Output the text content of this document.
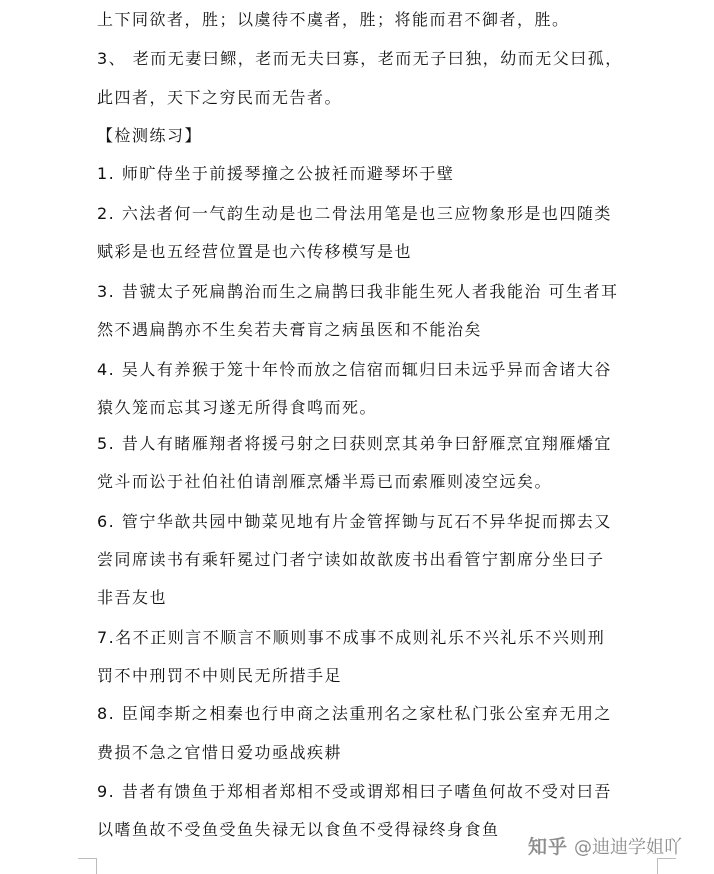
上下同欲者，胜；以虞待不虞者，胜；将能而君不御者，胜。
3、 老而无妻曰鳏，老而无夫曰寡，老而无子曰独，幼而无父曰孤，
此四者，天下之穷民而无告者。
【检测练习】
1. 师旷侍坐于前援琴撞之公披衽而避琴坏于壁
2. 六法者何一气韵生动是也二骨法用笔是也三应物象形是也四随类
赋彩是也五经营位置是也六传移模写是也
3. 昔虢太子死扁鹊治而生之扁鹊曰我非能生死人者我能治 可生者耳
然不遇扁鹊亦不生矣若夫膏肓之病虽医和不能治矣
4. 吴人有养猴于笼十年怜而放之信宿而辄归曰未远乎异而舍诸大谷
猿久笼而忘其习遂无所得食鸣而死。
5. 昔人有睹雁翔者将援弓射之曰获则烹其弟争曰舒雁烹宜翔雁燔宜
党斗而讼于社伯社伯请剖雁烹燔半焉已而索雁则凌空远矣。
6. 管宁华歆共园中锄菜见地有片金管挥锄与瓦石不异华捉而掷去又
尝同席读书有乘轩冕过门者宁读如故歆废书出看管宁割席分坐曰子
非吾友也
7.名不正则言不顺言不顺则事不成事不成则礼乐不兴礼乐不兴则刑
罚不中刑罚不中则民无所措手足
8. 臣闻李斯之相秦也行申商之法重刑名之家杜私门张公室弃无用之
费损不急之官惜日爱功亟战疾耕
9. 昔者有馈鱼于郑相者郑相不受或谓郑相曰子嗜鱼何故不受对曰吾
以嗜鱼故不受鱼受鱼失禄无以食鱼不受得禄终身食鱼
知乎 @迪迪学姐吖
